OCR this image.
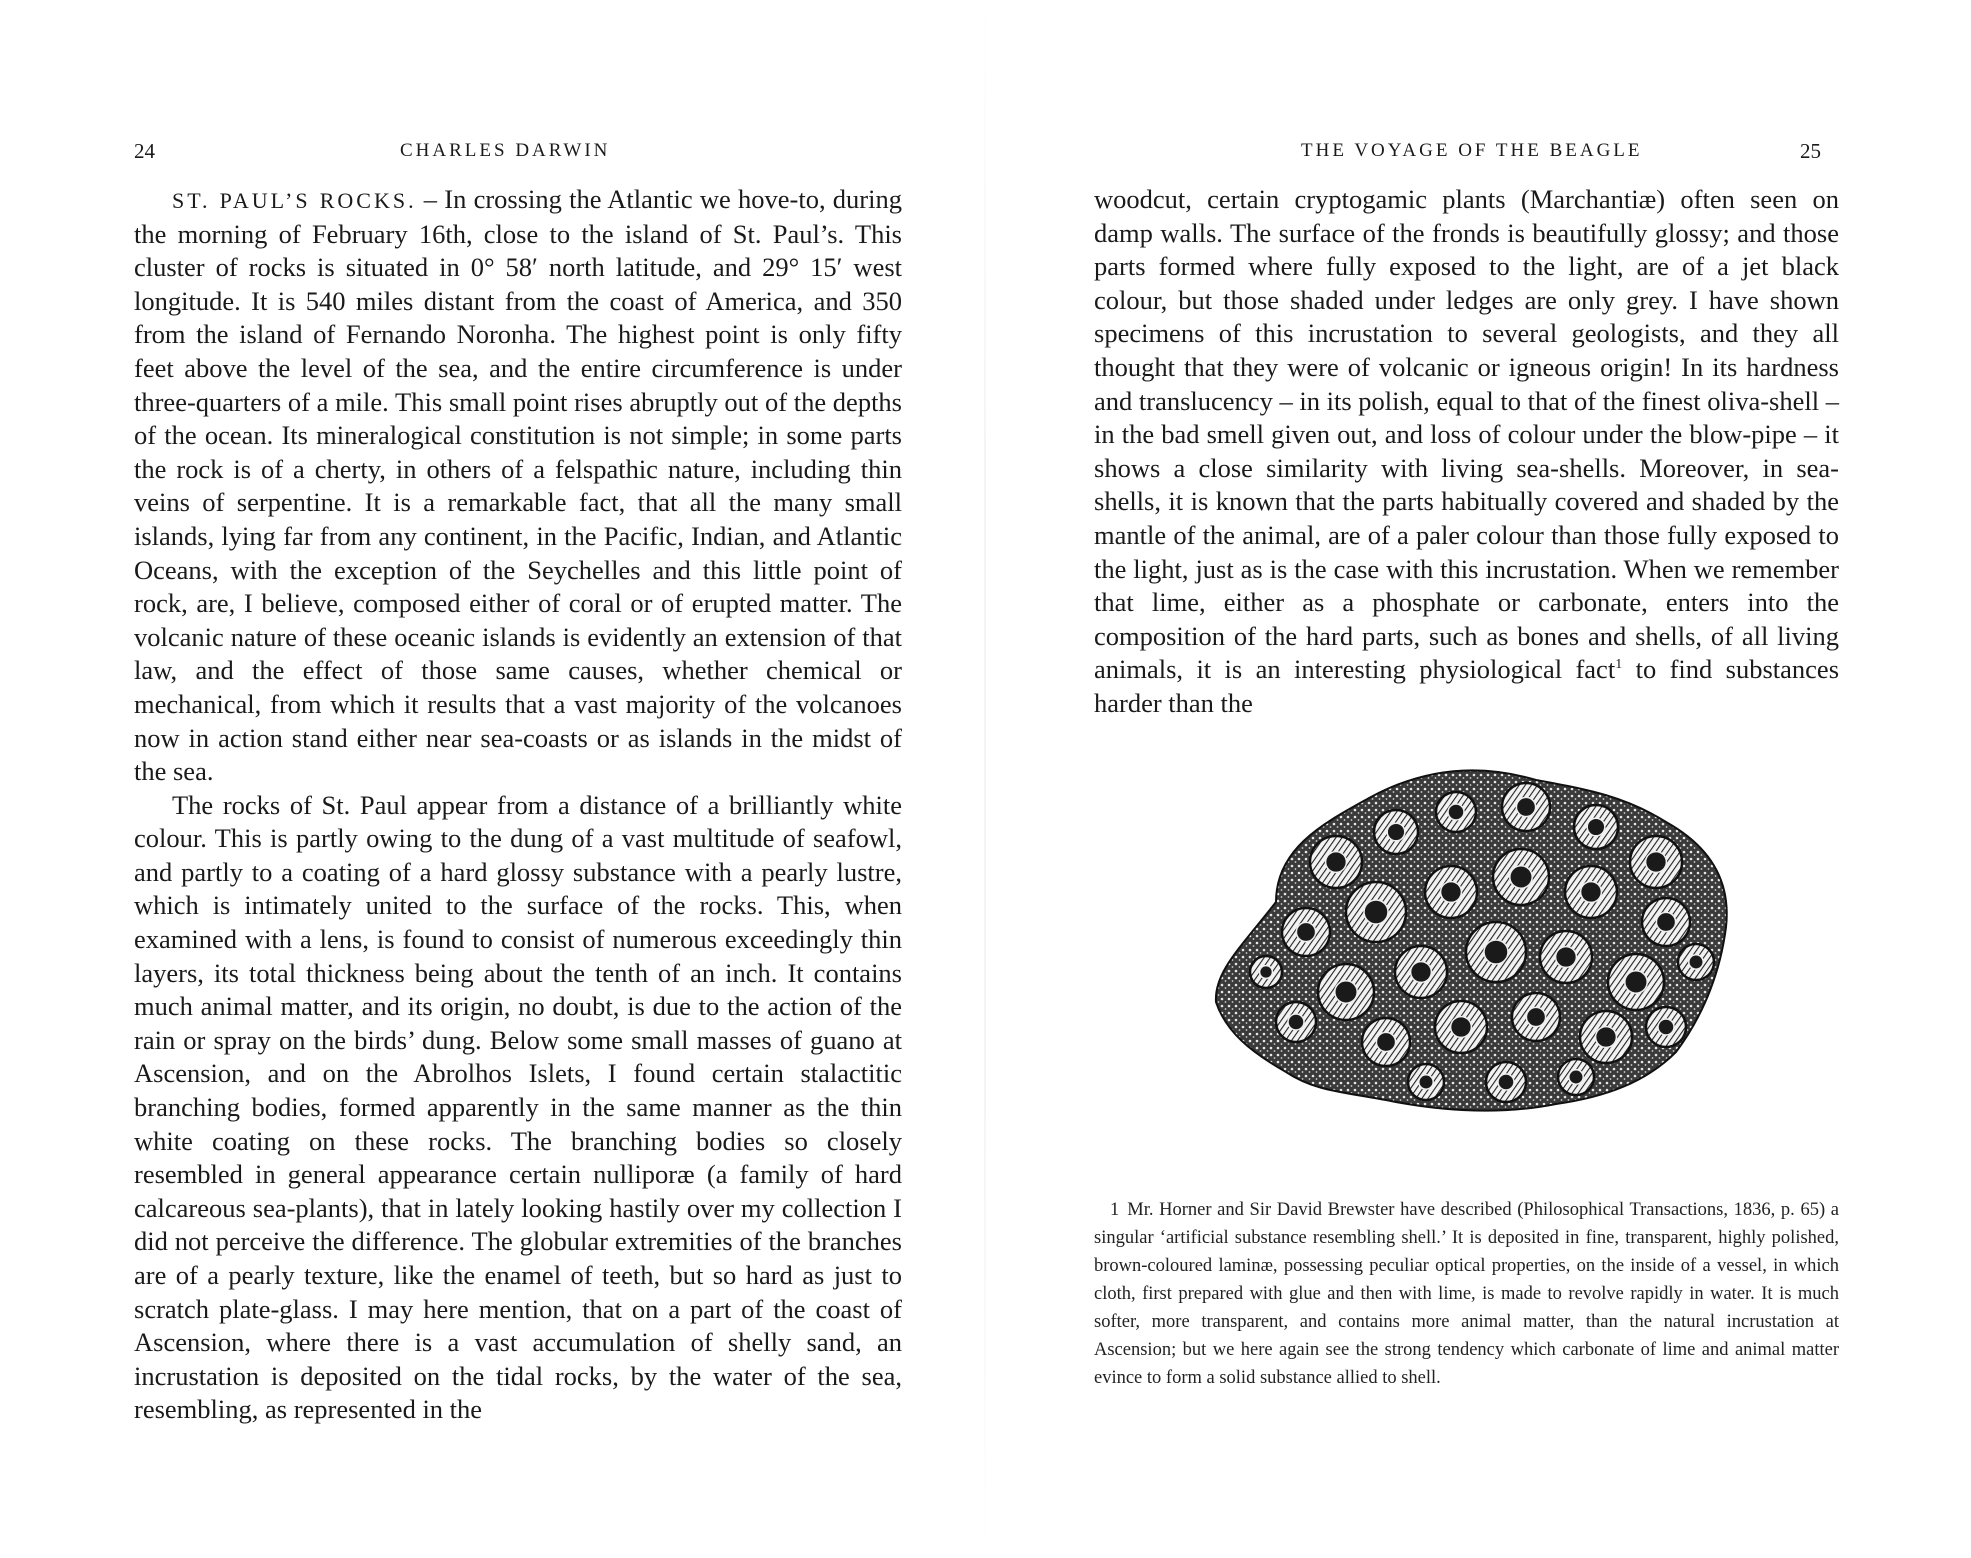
24	CHARLES DARWIN

ST. PAUL’S ROCKS. – In crossing the Atlantic we hove-to, during the morning of February 16th, close to the island of St. Paul’s. This cluster of rocks is situated in 0° 58′ north latitude, and 29° 15′ west longitude. It is 540 miles distant from the coast of America, and 350 from the island of Fernando Noronha. The highest point is only fifty feet above the level of the sea, and the entire circumference is under three-quarters of a mile. This small point rises abruptly out of the depths of the ocean. Its mineralogical constitution is not simple; in some parts the rock is of a cherty, in others of a felspathic nature, including thin veins of serpentine. It is a remarkable fact, that all the many small islands, lying far from any continent, in the Pacific, Indian, and Atlantic Oceans, with the exception of the Seychelles and this little point of rock, are, I believe, composed either of coral or of erupted matter. The volcanic nature of these oceanic islands is evidently an extension of that law, and the effect of those same causes, whether chemical or mechanical, from which it results that a vast majority of the volcanoes now in action stand either near sea-coasts or as islands in the midst of the sea.

The rocks of St. Paul appear from a distance of a brilliantly white colour. This is partly owing to the dung of a vast multitude of seafowl, and partly to a coating of a hard glossy substance with a pearly lustre, which is intimately united to the surface of the rocks. This, when examined with a lens, is found to consist of numerous exceedingly thin layers, its total thickness being about the tenth of an inch. It contains much animal matter, and its origin, no doubt, is due to the action of the rain or spray on the birds’ dung. Below some small masses of guano at Ascension, and on the Abrolhos Islets, I found certain stalactitic branching bodies, formed apparently in the same manner as the thin white coating on these rocks. The branching bodies so closely resembled in general appearance certain nulliporæ (a family of hard calcareous sea-plants), that in lately looking hastily over my collection I did not perceive the difference. The globular extremities of the branches are of a pearly texture, like the enamel of teeth, but so hard as just to scratch plate-glass. I may here mention, that on a part of the coast of Ascension, where there is a vast accumulation of shelly sand, an incrustation is deposited on the tidal rocks, by the water of the sea, resembling, as represented in the

THE VOYAGE OF THE BEAGLE	25

woodcut, certain cryptogamic plants (Marchantiæ) often seen on damp walls. The surface of the fronds is beautifully glossy; and those parts formed where fully exposed to the light, are of a jet black colour, but those shaded under ledges are only grey. I have shown specimens of this incrustation to several geologists, and they all thought that they were of volcanic or igneous origin! In its hardness and translucency – in its polish, equal to that of the finest oliva-shell – in the bad smell given out, and loss of colour under the blow-pipe – it shows a close similarity with living sea-shells. Moreover, in sea-shells, it is known that the parts habitually covered and shaded by the mantle of the animal, are of a paler colour than those fully exposed to the light, just as is the case with this incrustation. When we remember that lime, either as a phosphate or carbonate, enters into the composition of the hard parts, such as bones and shells, of all living animals, it is an interesting physiological fact$^1$ to find substances harder than the

1 Mr. Horner and Sir David Brewster have described (Philosophical Transactions, 1836, p. 65) a singular ‘artificial substance resembling shell.’ It is deposited in fine, transparent, highly polished, brown-coloured laminæ, possessing peculiar optical properties, on the inside of a vessel, in which cloth, first prepared with glue and then with lime, is made to revolve rapidly in water. It is much softer, more transparent, and contains more animal matter, than the natural incrustation at Ascension; but we here again see the strong tendency which carbonate of lime and animal matter evince to form a solid substance allied to shell.
